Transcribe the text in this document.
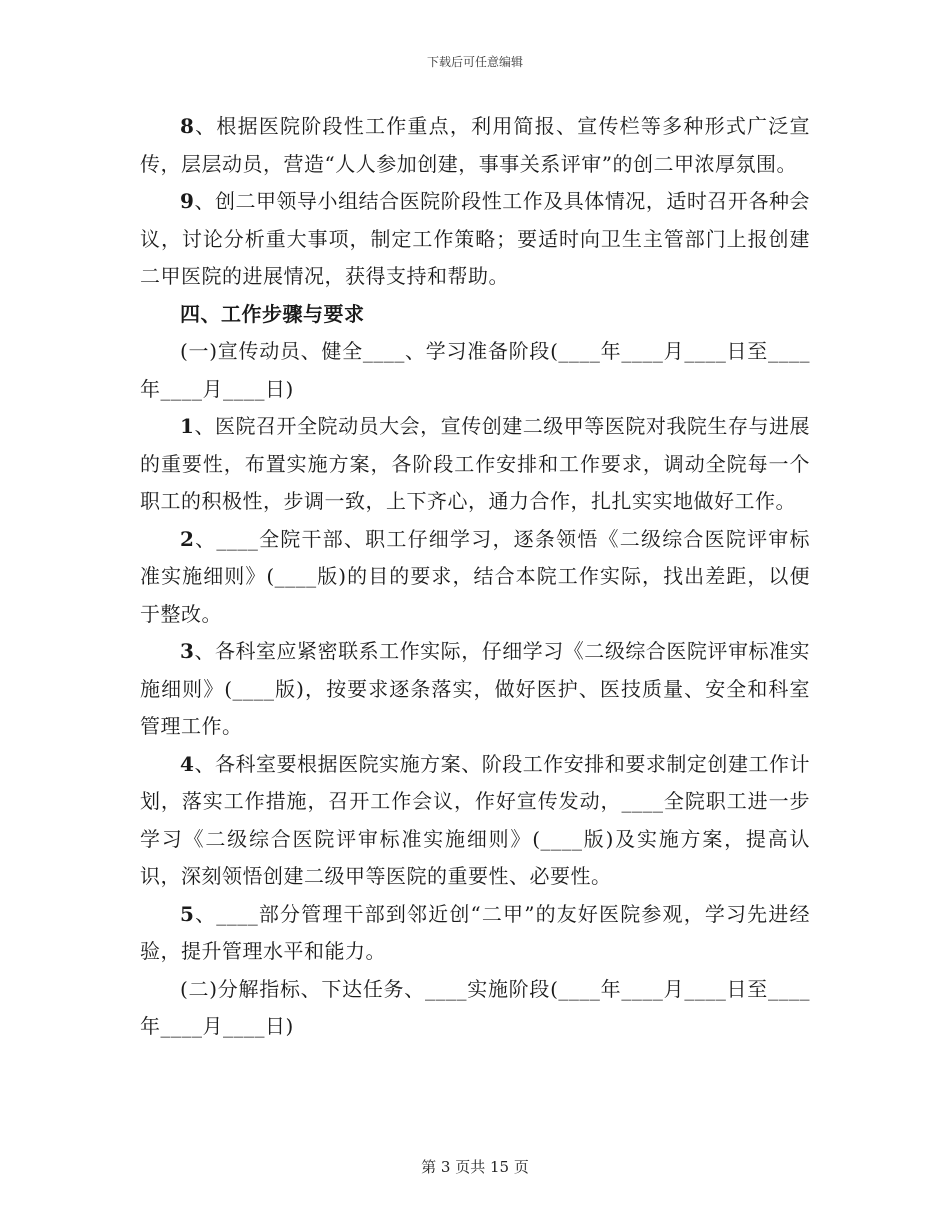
下载后可任意编辑

8、根据医院阶段性工作重点，利用简报、宣传栏等多种形式广泛宣传，层层动员，营造“人人参加创建，事事关系评审”的创二甲浓厚氛围。

9、创二甲领导小组结合医院阶段性工作及具体情况，适时召开各种会议，讨论分析重大事项，制定工作策略；要适时向卫生主管部门上报创建二甲医院的进展情况，获得支持和帮助。

四、工作步骤与要求

(一)宣传动员、健全____、学习准备阶段(____年____月____日至____年____月____日)

1、医院召开全院动员大会，宣传创建二级甲等医院对我院生存与进展的重要性，布置实施方案，各阶段工作安排和工作要求，调动全院每一个职工的积极性，步调一致，上下齐心，通力合作，扎扎实实地做好工作。

2、____全院干部、职工仔细学习，逐条领悟《二级综合医院评审标准实施细则》(____版)的目的要求，结合本院工作实际，找出差距，以便于整改。

3、各科室应紧密联系工作实际，仔细学习《二级综合医院评审标准实施细则》(____版)，按要求逐条落实，做好医护、医技质量、安全和科室管理工作。

4、各科室要根据医院实施方案、阶段工作安排和要求制定创建工作计划，落实工作措施，召开工作会议，作好宣传发动，____全院职工进一步学习《二级综合医院评审标准实施细则》(____版)及实施方案，提高认识，深刻领悟创建二级甲等医院的重要性、必要性。

5、____部分管理干部到邻近创“二甲”的友好医院参观，学习先进经验，提升管理水平和能力。

(二)分解指标、下达任务、____实施阶段(____年____月____日至____年____月____日)

第 3 页共 15 页
